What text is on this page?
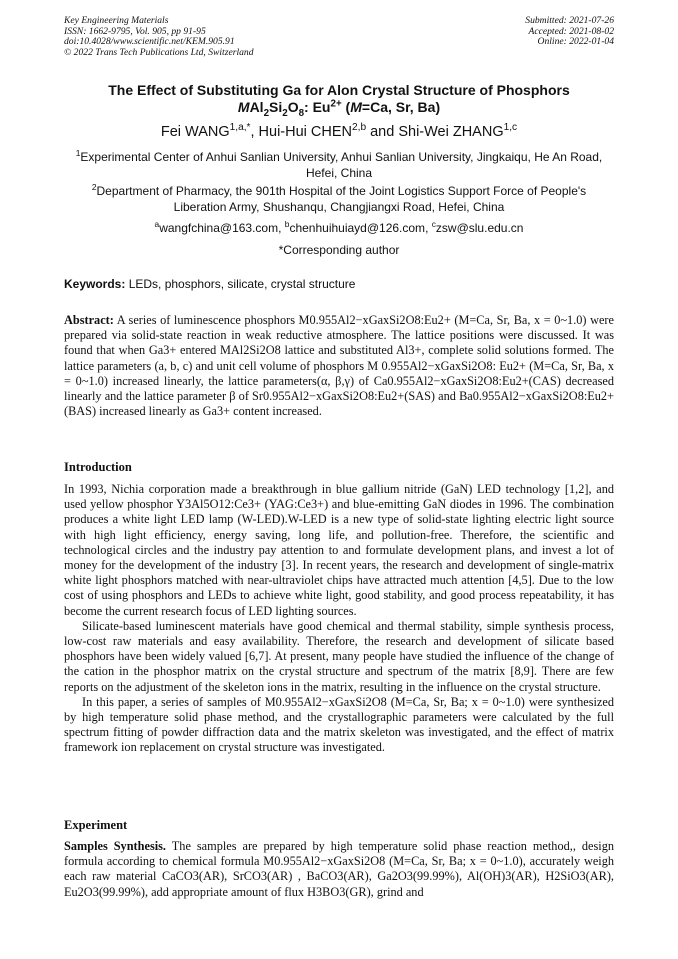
Key Engineering Materials
ISSN: 1662-9795, Vol. 905, pp 91-95
doi:10.4028/www.scientific.net/KEM.905.91
© 2022 Trans Tech Publications Ltd, Switzerland
Submitted: 2021-07-26
Accepted: 2021-08-02
Online: 2022-01-04
The Effect of Substituting Ga for Alon Crystal Structure of Phosphors
$MAl_2Si_2O_8$: $Eu^{2+}$ (M=Ca, Sr, Ba)
Fei $WANG^{1,a,*}$, Hui-Hui CHEN$^{2,b}$ and Shi-Wei ZHANG$^{1,c}$
$^1$Experimental Center of Anhui Sanlian University, Anhui Sanlian University, Jingkaiqu, He An Road, Hefei, China
$^2$Department of Pharmacy, the 901th Hospital of the Joint Logistics Support Force of People's Liberation Army, Shushanqu, Changjiangxi Road, Hefei, China
$^a$wangfchina@163.com, $^b$chenhuihuiayd@126.com, $^c$zsw@slu.edu.cn
*Corresponding author
Keywords: LEDs, phosphors, silicate, crystal structure

Abstract: A series of luminescence phosphors M0.955Al2−xGaxSi2O8:Eu2+ (M=Ca, Sr, Ba, x = 0~1.0) were prepared via solid-state reaction in weak reductive atmosphere. The lattice positions were discussed. It was found that when Ga3+ entered MAl2Si2O8 lattice and substituted Al3+, complete solid solutions formed. The lattice parameters (a, b, c) and unit cell volume of phosphors M 0.955Al2−xGaxSi2O8: Eu2+ (M=Ca, Sr, Ba, x = 0~1.0) increased linearly, the lattice parameters(α, β,γ) of Ca0.955Al2−xGaxSi2O8:Eu2+(CAS) decreased linearly and the lattice parameter β of Sr0.955Al2−xGaxSi2O8:Eu2+(SAS) and Ba0.955Al2−xGaxSi2O8:Eu2+(BAS) increased linearly as Ga3+ content increased.

Introduction

In 1993, Nichia corporation made a breakthrough in blue gallium nitride (GaN) LED technology [1,2], and used yellow phosphor Y3Al5O12:Ce3+ (YAG:Ce3+) and blue-emitting GaN diodes in 1996. The combination produces a white light LED lamp (W-LED).W-LED is a new type of solid-state lighting electric light source with high light efficiency, energy saving, long life, and pollution-free. Therefore, the scientific and technological circles and the industry pay attention to and formulate development plans, and invest a lot of money for the development of the industry [3]. In recent years, the research and development of single-matrix white light phosphors matched with near-ultraviolet chips have attracted much attention [4,5]. Due to the low cost of using phosphors and LEDs to achieve white light, good stability, and good process repeatability, it has become the current research focus of LED lighting sources.

Silicate-based luminescent materials have good chemical and thermal stability, simple synthesis process, low-cost raw materials and easy availability. Therefore, the research and development of silicate based phosphors have been widely valued [6,7]. At present, many people have studied the influence of the change of the cation in the phosphor matrix on the crystal structure and spectrum of the matrix [8,9]. There are few reports on the adjustment of the skeleton ions in the matrix, resulting in the influence on the crystal structure.

In this paper, a series of samples of M0.955Al2−xGaxSi2O8 (M=Ca, Sr, Ba; x = 0~1.0) were synthesized by high temperature solid phase method, and the crystallographic parameters were calculated by the full spectrum fitting of powder diffraction data and the matrix skeleton was investigated, and the effect of matrix framework ion replacement on crystal structure was investigated.

Experiment

Samples Synthesis. The samples are prepared by high temperature solid phase reaction method,, design formula according to chemical formula M0.955Al2−xGaxSi2O8 (M=Ca, Sr, Ba; x = 0~1.0), accurately weigh each raw material CaCO3(AR), SrCO3(AR) , BaCO3(AR), Ga2O3(99.99%), Al(OH)3(AR), H2SiO3(AR), Eu2O3(99.99%), add appropriate amount of flux H3BO3(GR), grind and
